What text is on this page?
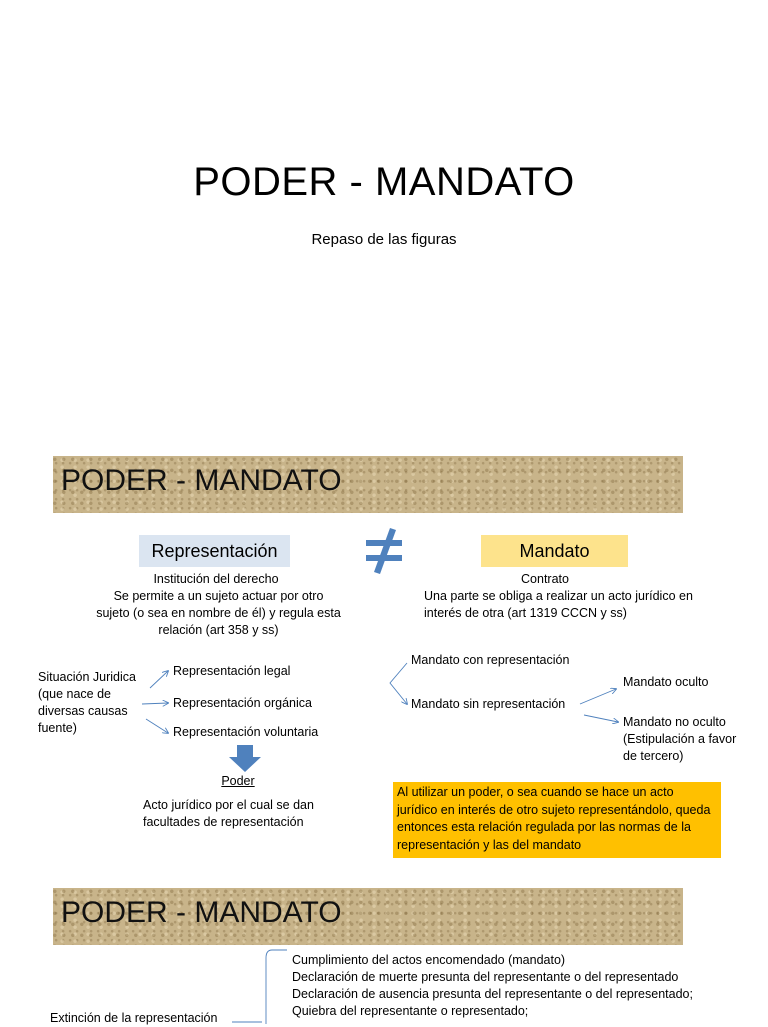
PODER - MANDATO
Repaso de las figuras
PODER - MANDATO
Representación	Mandato
Institución del derecho
Se permite a un sujeto actuar por otro sujeto (o sea en nombre de él) y regula esta relación (art 358 y ss)
Contrato
Una parte se obliga a realizar un acto jurídico en interés de otra (art 1319 CCCN y ss)
Situación Juridica (que nace de diversas causas fuente)
Representación legal
Representación orgánica
Representación voluntaria
Poder
Acto jurídico por el cual se dan facultades de representación
Mandato con representación
Mandato sin representación
Mandato oculto
Mandato no oculto (Estipulación a favor de tercero)
Al utilizar un poder, o sea cuando se hace un acto jurídico en interés de otro sujeto representándolo, queda entonces esta relación regulada por las normas de la representación y las del mandato
PODER - MANDATO
Extinción de la representación
Cumplimiento del actos encomendado (mandato)
Declaración de muerte presunta del representante o del representado
Declaración de ausencia presunta del representante o del representado;
Quiebra del representante o representado;
